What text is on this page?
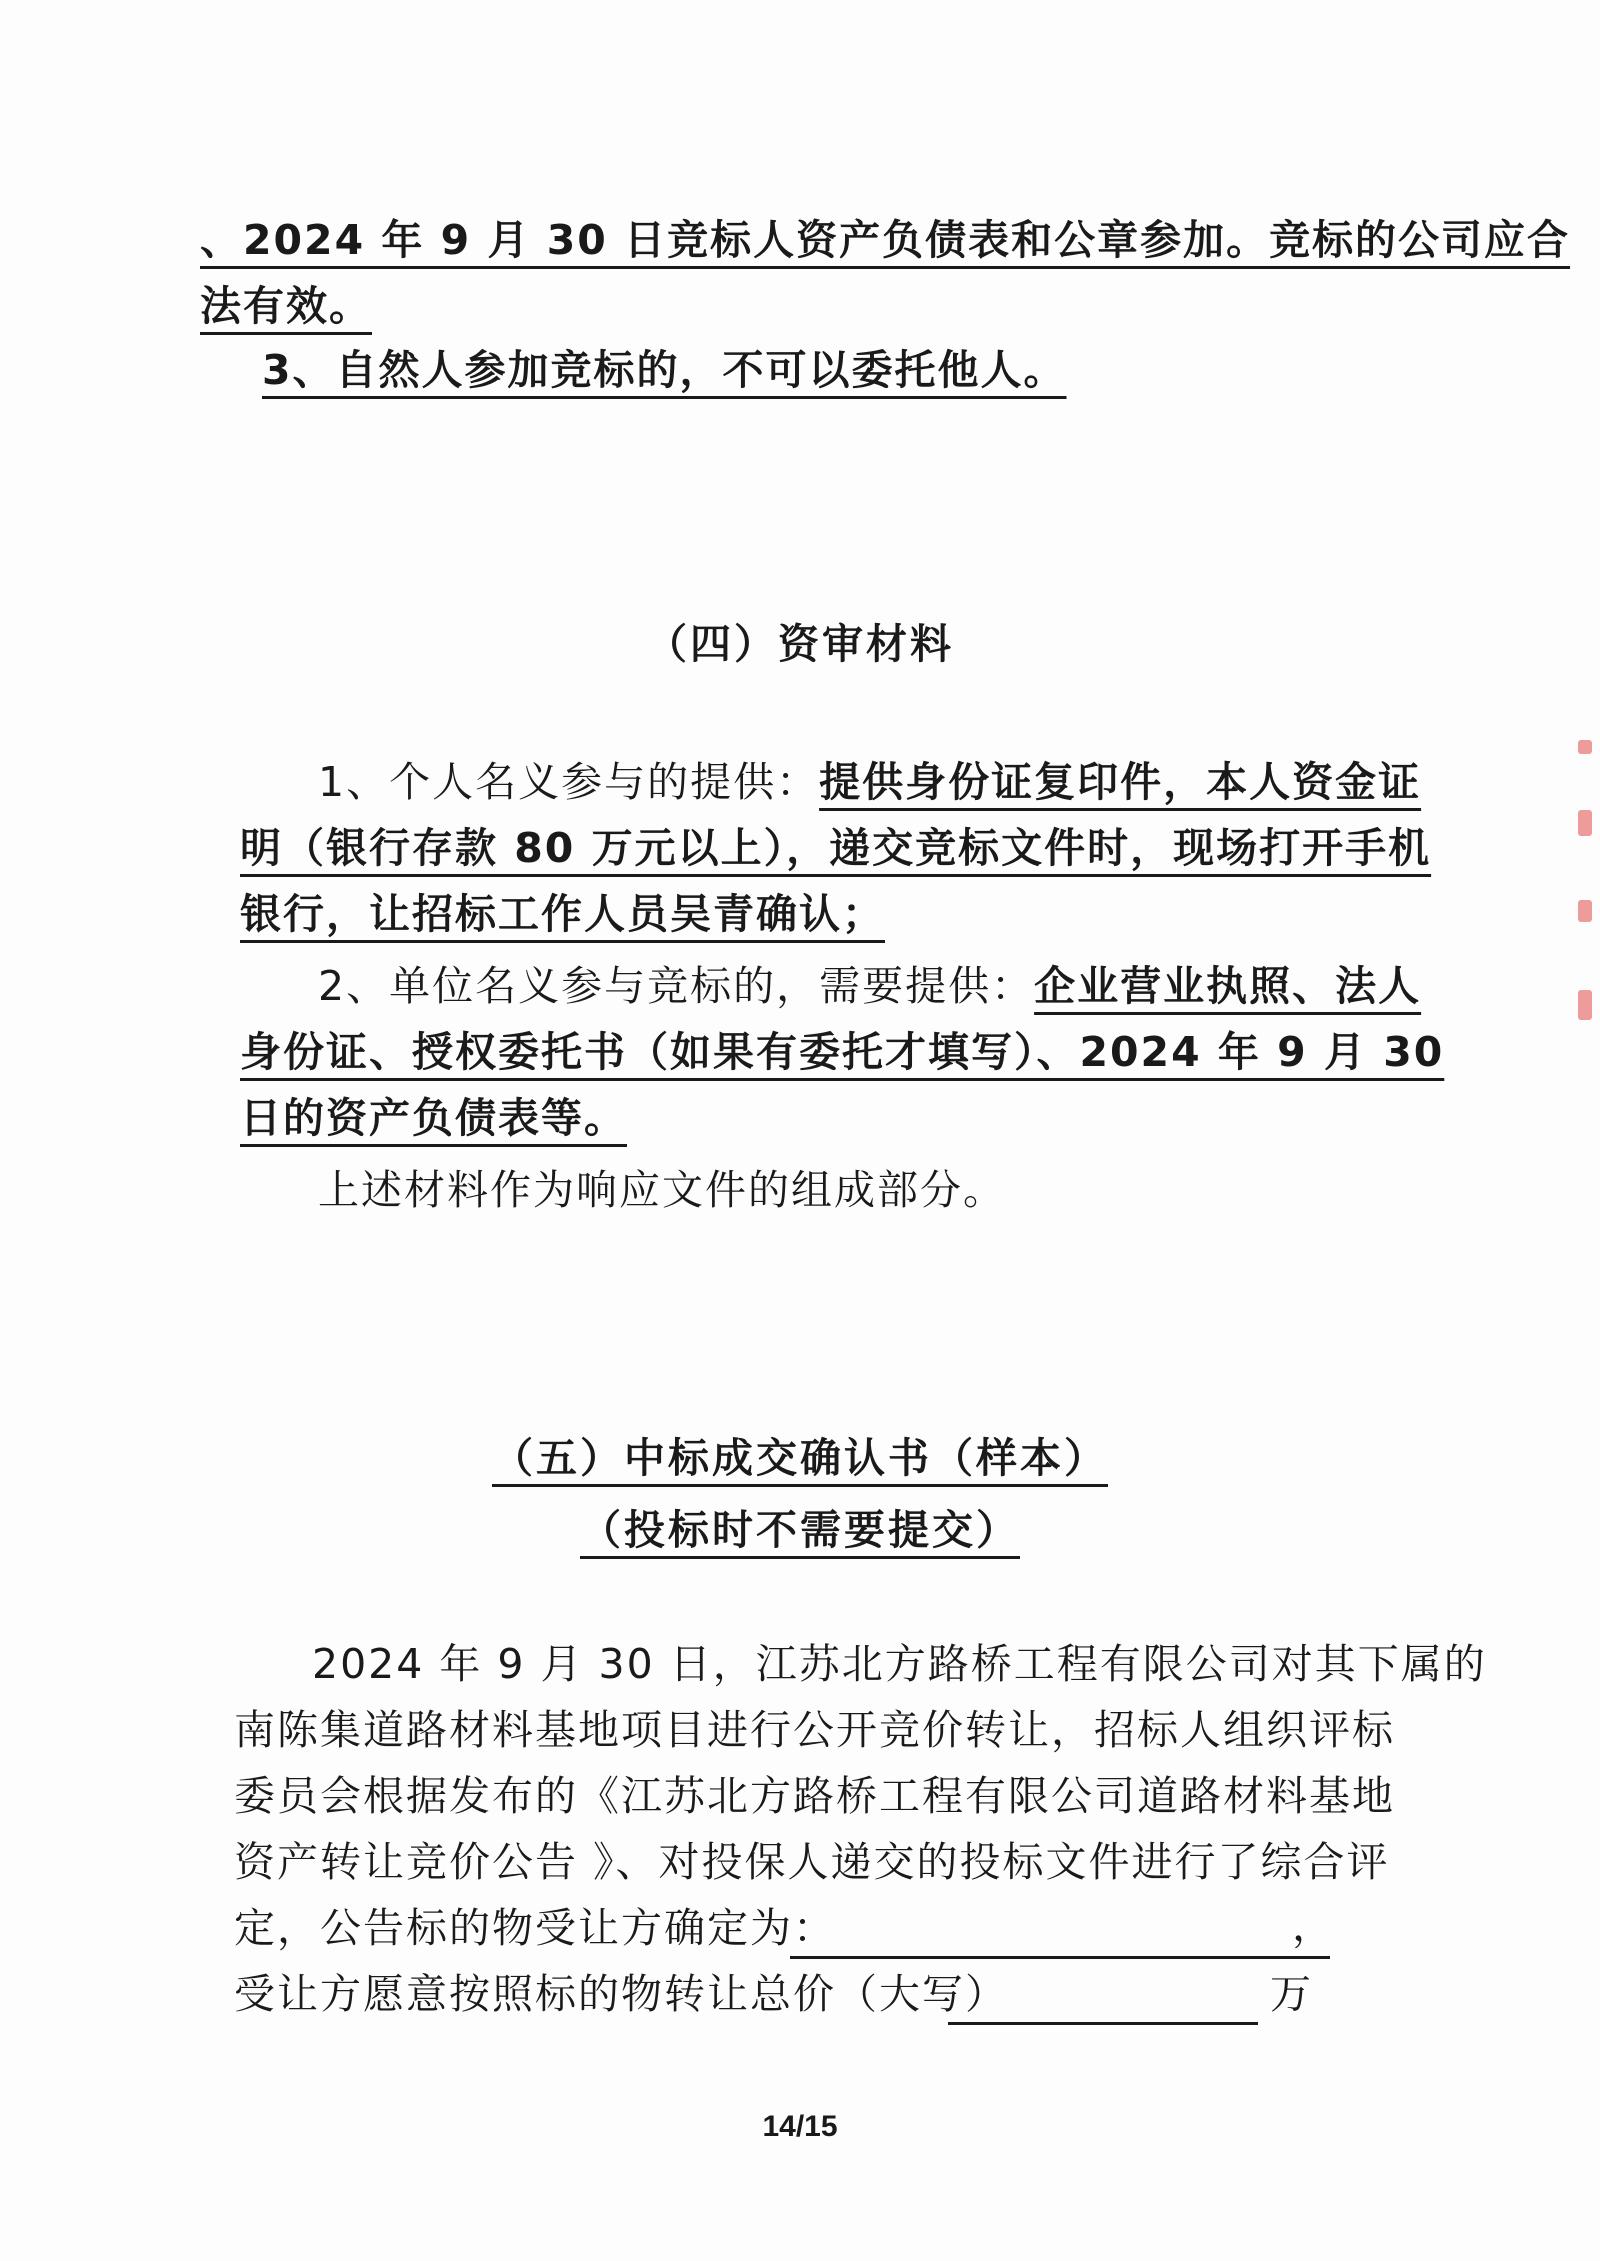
、2024 年 9 月 30 日竞标人资产负债表和公章参加。竞标的公司应合
法有效。
3、自然人参加竞标的，不可以委托他人。
（四）资审材料
1、个人名义参与的提供：提供身份证复印件，本人资金证
明（银行存款 80 万元以上），递交竞标文件时，现场打开手机
银行，让招标工作人员吴青确认；
2、单位名义参与竞标的，需要提供：企业营业执照、法人
身份证、授权委托书（如果有委托才填写）、2024 年 9 月 30
日的资产负债表等。
上述材料作为响应文件的组成部分。
（五）中标成交确认书（样本）
（投标时不需要提交）
2024 年 9 月 30 日，江苏北方路桥工程有限公司对其下属的
南陈集道路材料基地项目进行公开竞价转让，招标人组织评标
委员会根据发布的《江苏北方路桥工程有限公司道路材料基地
资产转让竞价公告 》、对投保人递交的投标文件进行了综合评
定，公告标的物受让方确定为：	，
受让方愿意按照标的物转让总价（大写）	万
14/15
